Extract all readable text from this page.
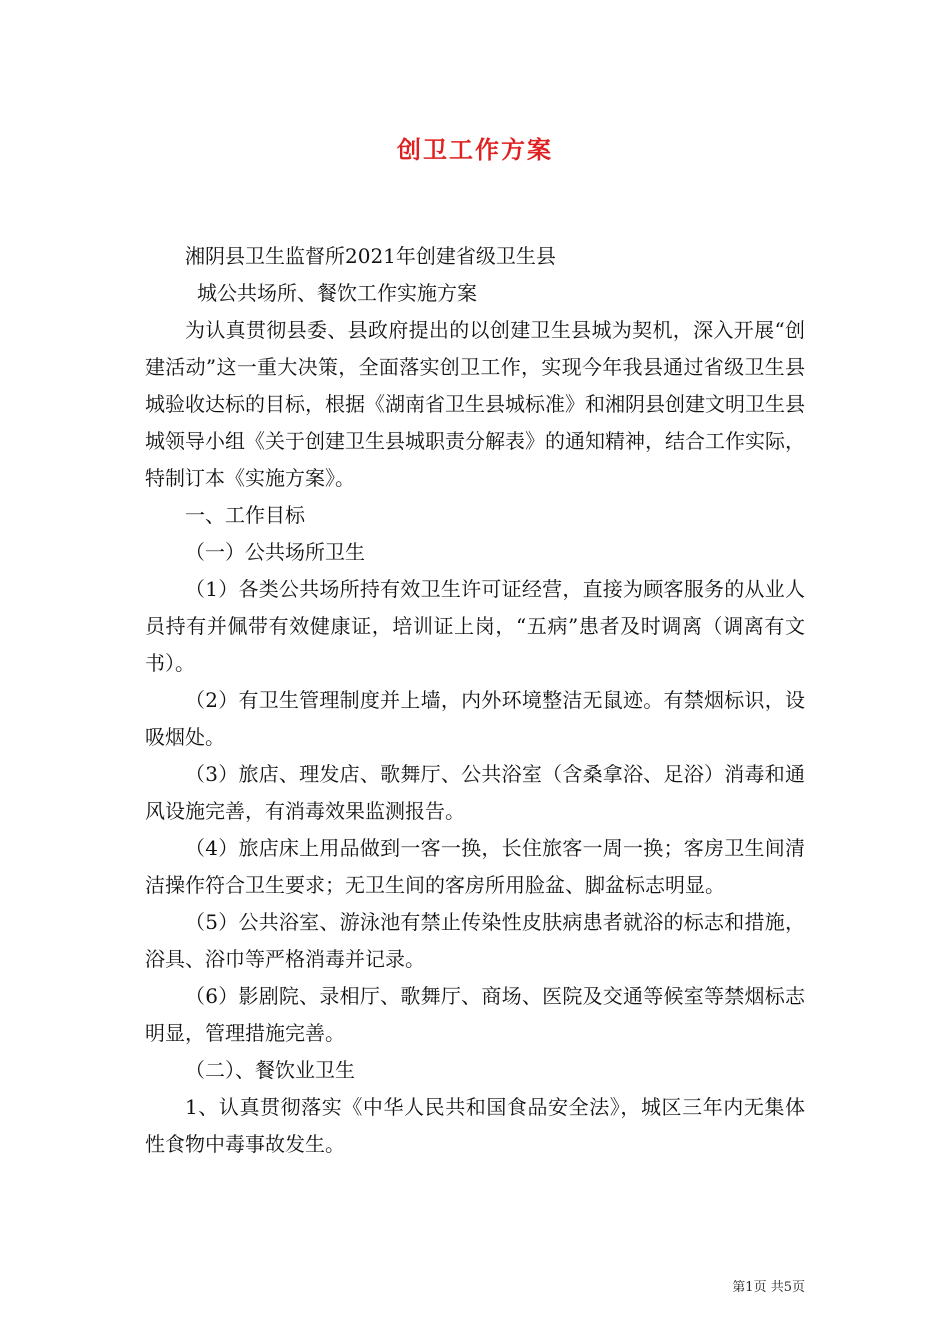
创卫工作方案

湘阴县卫生监督所2021年创建省级卫生县

城公共场所、餐饮工作实施方案

为认真贯彻县委、县政府提出的以创建卫生县城为契机，深入开展“创建活动”这一重大决策，全面落实创卫工作，实现今年我县通过省级卫生县城验收达标的目标，根据《湖南省卫生县城标准》和湘阴县创建文明卫生县城领导小组《关于创建卫生县城职责分解表》的通知精神，结合工作实际，特制订本《实施方案》。

一、工作目标

（一）公共场所卫生

（1）各类公共场所持有效卫生许可证经营，直接为顾客服务的从业人员持有并佩带有效健康证，培训证上岗，“五病”患者及时调离（调离有文书）。

（2）有卫生管理制度并上墙，内外环境整洁无鼠迹。有禁烟标识，设吸烟处。

（3）旅店、理发店、歌舞厅、公共浴室（含桑拿浴、足浴）消毒和通风设施完善，有消毒效果监测报告。

（4）旅店床上用品做到一客一换，长住旅客一周一换；客房卫生间清洁操作符合卫生要求；无卫生间的客房所用脸盆、脚盆标志明显。

（5）公共浴室、游泳池有禁止传染性皮肤病患者就浴的标志和措施，浴具、浴巾等严格消毒并记录。

（6）影剧院、录相厅、歌舞厅、商场、医院及交通等候室等禁烟标志明显，管理措施完善。

（二）、餐饮业卫生

1、认真贯彻落实《中华人民共和国食品安全法》，城区三年内无集体性食物中毒事故发生。

第1页 共5页
